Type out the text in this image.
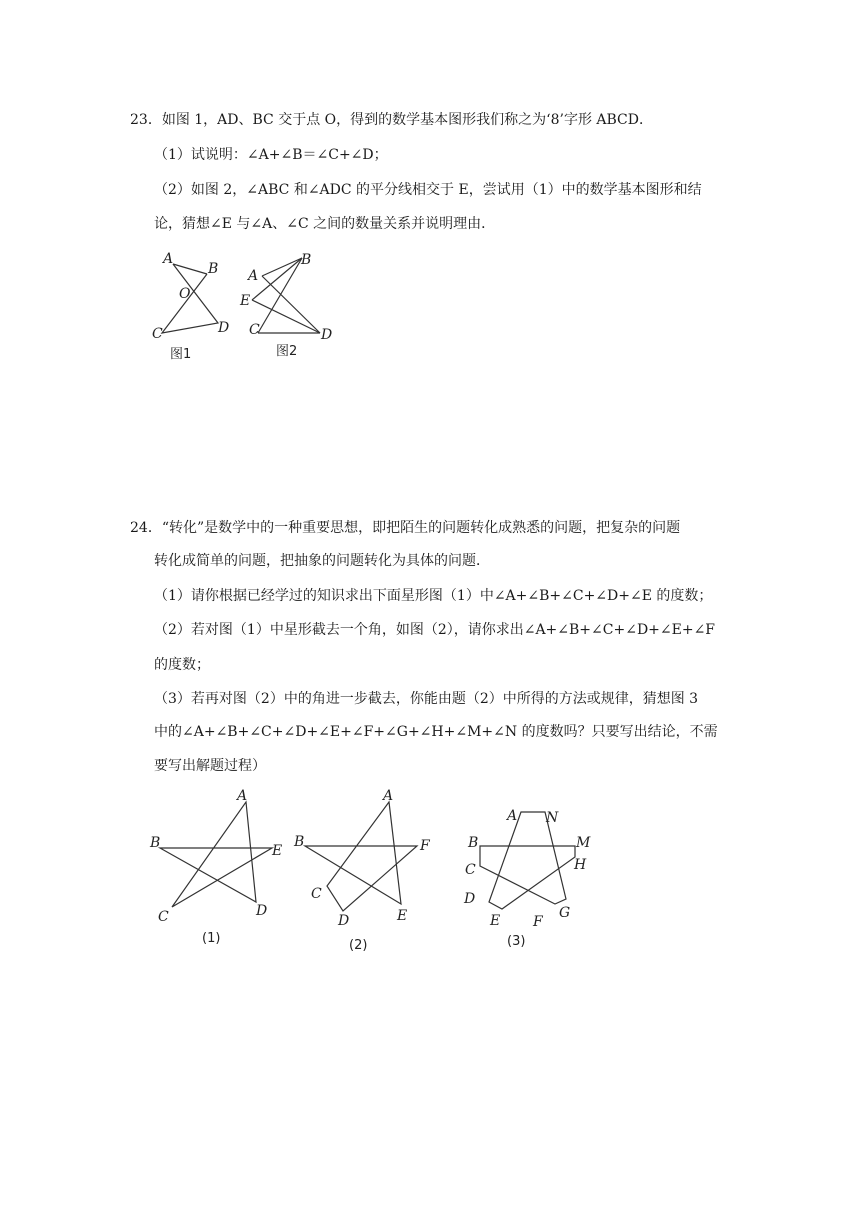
23．如图 1，AD、BC 交于点 O，得到的数学基本图形我们称之为‘8’字形 ABCD．
（1）试说明：∠A+∠B＝∠C+∠D；
（2）如图 2，∠ABC 和∠ADC 的平分线相交于 E，尝试用（1）中的数学基本图形和结
论，猜想∠E 与∠A、∠C 之间的数量关系并说明理由．
24．“转化”是数学中的一种重要思想，即把陌生的问题转化成熟悉的问题，把复杂的问题
转化成简单的问题，把抽象的问题转化为具体的问题．
（1）请你根据已经学过的知识求出下面星形图（1）中∠A+∠B+∠C+∠D+∠E 的度数；
（2）若对图（1）中星形截去一个角，如图（2），请你求出∠A+∠B+∠C+∠D+∠E+∠F
的度数；
（3）若再对图（2）中的角进一步截去，你能由题（2）中所得的方法或规律，猜想图 3
中的∠A+∠B+∠C+∠D+∠E+∠F+∠G+∠H+∠M+∠N 的度数吗？只要写出结论，不需
要写出解题过程）
A
B
O
C	D
图1
A
B
E
C	D
图2
A
B	E
C	D
(1)
A
B	F
C
D	E
(2)
A N
B	M
C	H
D
E F
G
(3)
